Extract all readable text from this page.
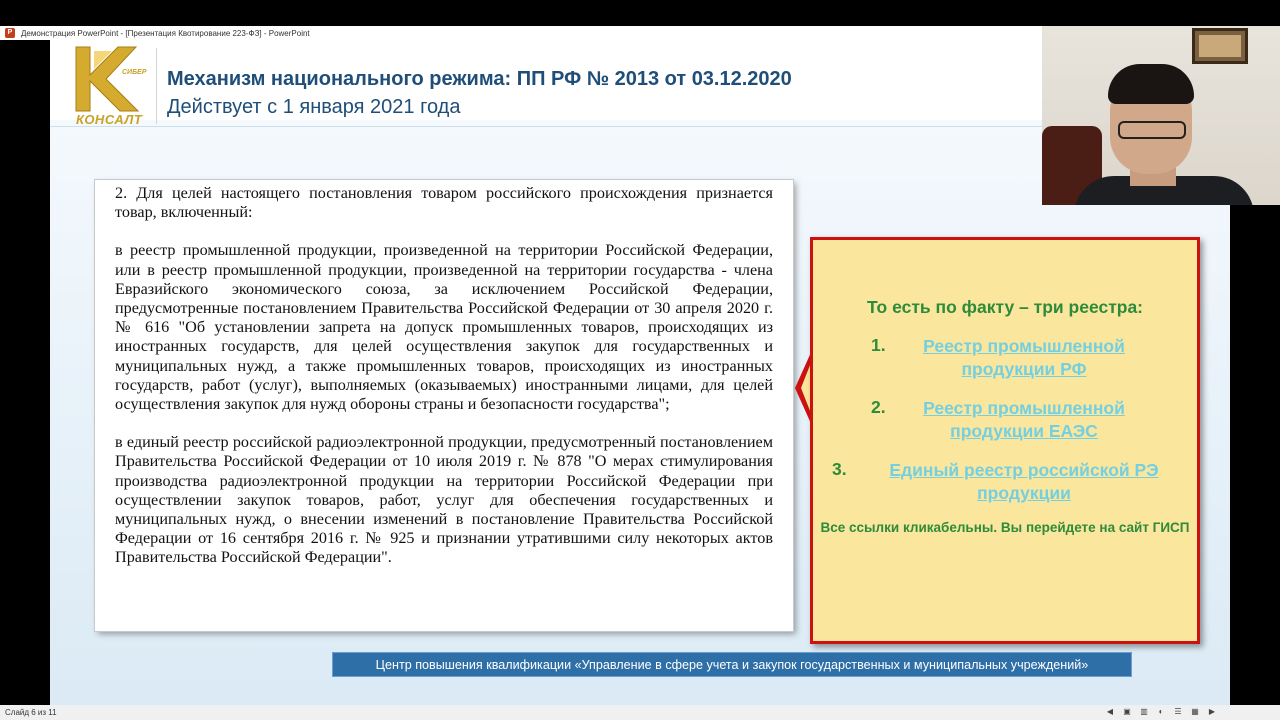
P	Демонстрация PowerPoint - [Презентация Квотирование 223-ФЗ] - PowerPoint
СИБЕР
КОНСАЛТ
Механизм национального режима: ПП РФ № 2013 от 03.12.2020
Действует с 1 января 2021 года

2. Для целей настоящего постановления товаром российского происхождения признается товар, включенный:

в реестр промышленной продукции, произведенной на территории Российской Федерации, или в реестр промышленной продукции, произведенной на территории государства - члена Евразийского экономического союза, за исключением Российской Федерации, предусмотренные постановлением Правительства Российской Федерации от 30 апреля 2020 г. № 616 "Об установлении запрета на допуск промышленных товаров, происходящих из иностранных государств, для целей осуществления закупок для государственных и муниципальных нужд, а также промышленных товаров, происходящих из иностранных государств, работ (услуг), выполняемых (оказываемых) иностранными лицами, для целей осуществления закупок для нужд обороны страны и безопасности государства";

в единый реестр российской радиоэлектронной продукции, предусмотренный постановлением Правительства Российской Федерации от 10 июля 2019 г. № 878 "О мерах стимулирования производства радиоэлектронной продукции на территории Российской Федерации при осуществлении закупок товаров, работ, услуг для обеспечения государственных и муниципальных нужд, о внесении изменений в постановление Правительства Российской Федерации от 16 сентября 2016 г. № 925 и признании утратившими силу некоторых актов Правительства Российской Федерации".

То есть по факту – три реестра:
1.	Реестр промышленной продукции РФ
2.	Реестр промышленной продукции ЕАЭС
3.	Единый реестр российской РЭ продукции
Все ссылки кликабельны. Вы перейдете на сайт ГИСП
Центр повышения квалификации «Управление в сфере учета и закупок государственных и муниципальных учреждений»
Слайд 6 из 11	◀ ▣ ▥	◐	☰ ▦ ▶
